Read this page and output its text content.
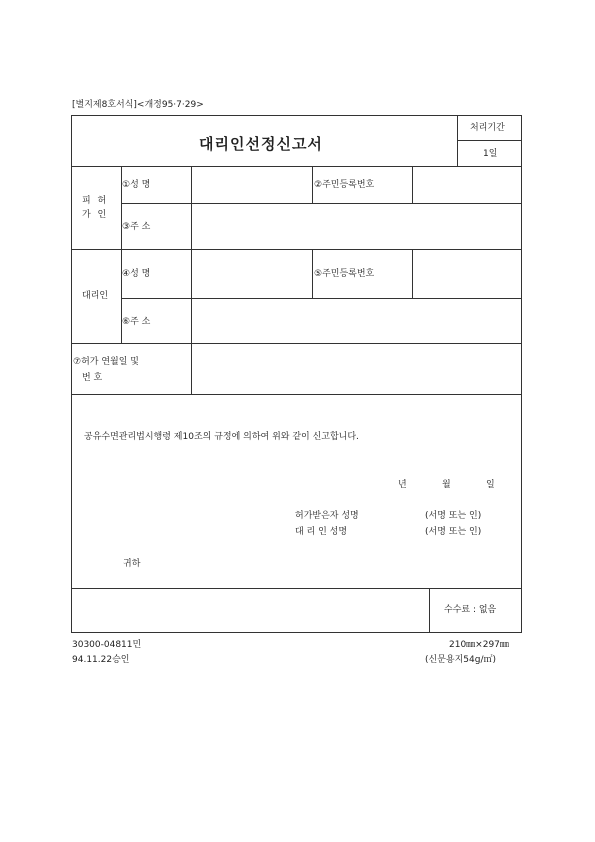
[별지제8호서식]<개정95·7·29>
대리인선정신고서
처리기간
1일
피 허
가 인
①성 명	②주민등록번호
③주 소
대리인
④성 명	⑤주민등록번호
⑥주 소
⑦허가 연월일 및
번 호
공유수면관리법시행령 제10조의 규정에 의하여 위와 같이 신고합니다.
년	월	일
허가받은자 성명	(서명 또는 인)
대 리 인 성명	(서명 또는 인)
귀하
수수료 : 없음
30300-04811민
94.11.22승인
210㎜×297㎜
(신문용지54g/㎡)
